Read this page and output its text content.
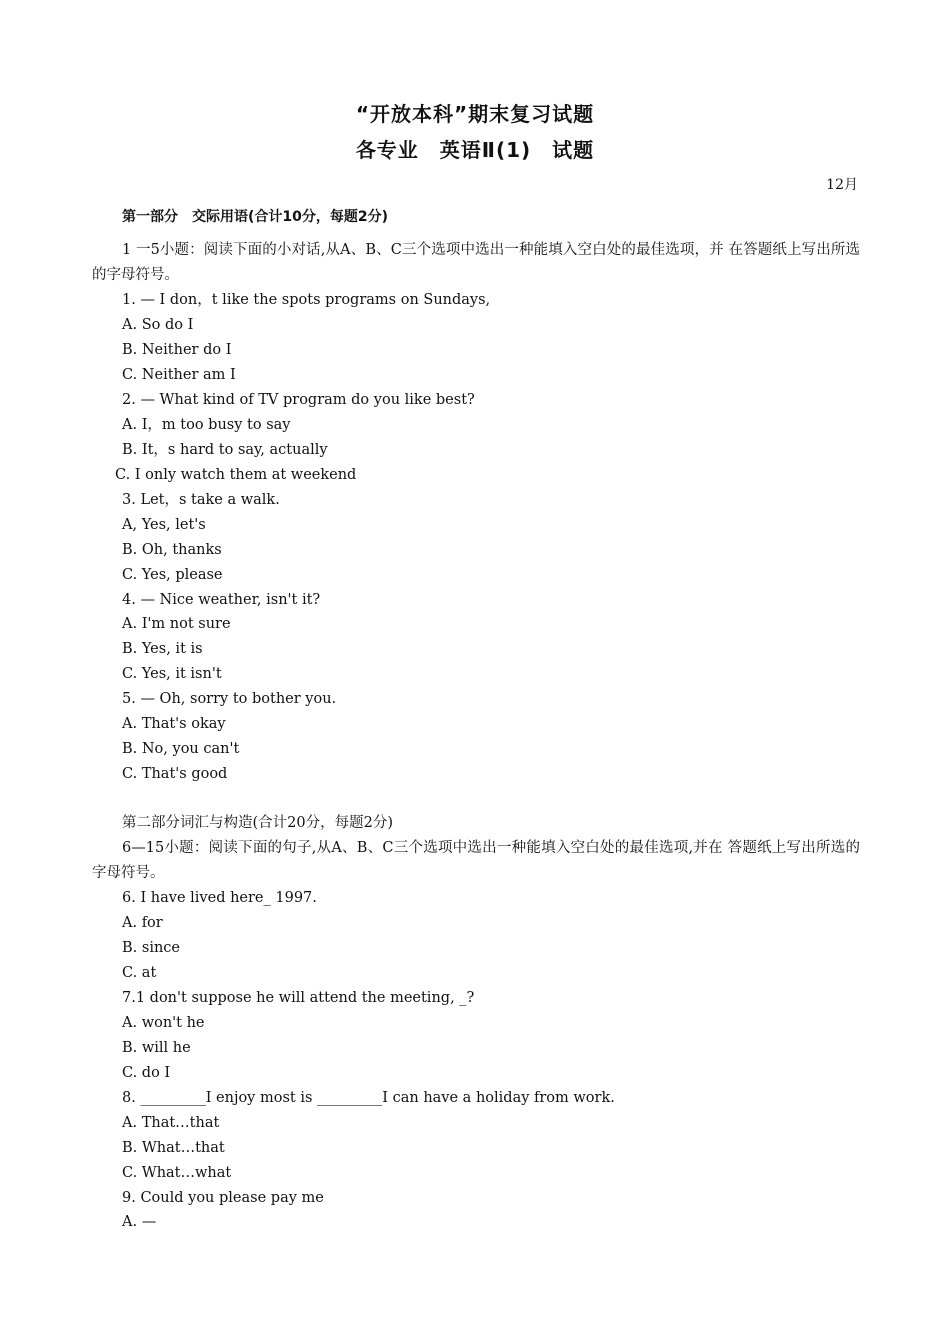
“开放本科”期末复习试题
各专业　英语Ⅱ(1)　试题
12月
第一部分　交际用语(合计10分，每题2分)
1 一5小题：阅读下面的小对话,从A、B、C三个选项中选出一种能填入空白处的最佳选项，并 在答题纸上写出所选的字母符号。
1. — I don，t like the spots programs on Sundays,
A. So do I
B. Neither do I
C. Neither am I
2. — What kind of TV program do you like best?
A. I，m too busy to say
B. It，s hard to say, actually
C. I only watch them at weekend
3. Let，s take a walk.
A, Yes, let's
B. Oh, thanks
C. Yes, please
4. — Nice weather, isn't it?
A. I'm not sure
B. Yes, it is
C. Yes, it isn't
5. — Oh, sorry to bother you.
A. That's okay
B. No, you can't
C. That's good
第二部分词汇与构造(合计20分，每题2分)
6—15小题：阅读下面的句子,从A、B、C三个选项中选出一种能填入空白处的最佳选项,并在 答题纸上写出所选的字母符号。
6. I have lived here_ 1997.
A. for
B. since
C. at
7.1 don't suppose he will attend the meeting, _?
A. won't he
B. will he
C. do I
8. _________I enjoy most is _________I can have a holiday from work.
A. That…that
B. What…that
C. What…what
9. Could you please pay me
A. —
